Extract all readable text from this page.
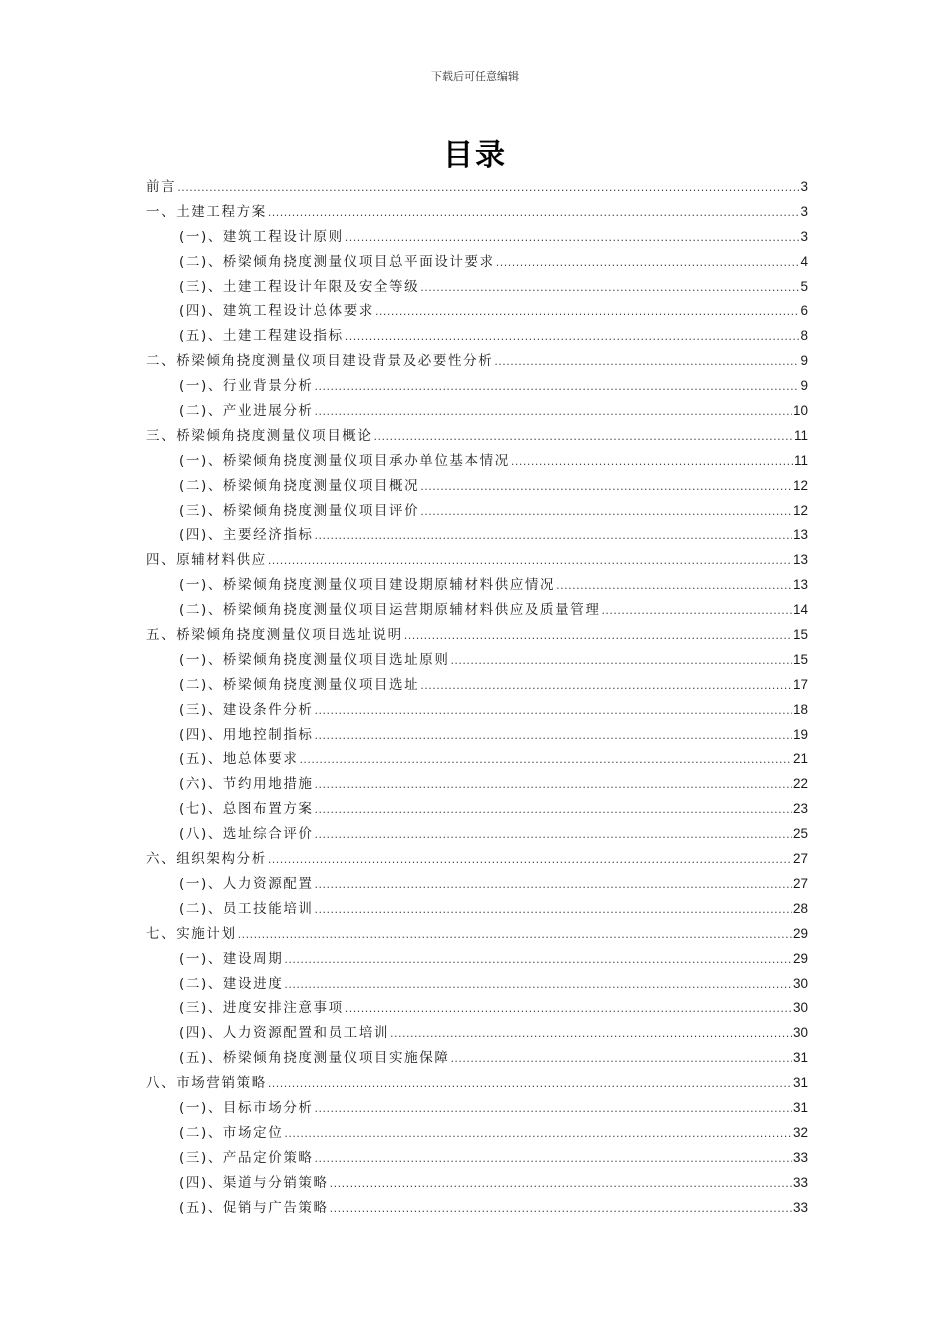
下载后可任意编辑
目录
前言 .....	3
一、土建工程方案 .....	3
(一)、建筑工程设计原则 .....	3
(二)、桥梁倾角挠度测量仪项目总平面设计要求 .....	4
(三)、土建工程设计年限及安全等级 .....	5
(四)、建筑工程设计总体要求 .....	6
(五)、土建工程建设指标 .....	8
二、桥梁倾角挠度测量仪项目建设背景及必要性分析 .....	9
(一)、行业背景分析 .....	9
(二)、产业进展分析 .....	10
三、桥梁倾角挠度测量仪项目概论 .....	11
(一)、桥梁倾角挠度测量仪项目承办单位基本情况 .....	11
(二)、桥梁倾角挠度测量仪项目概况 .....	12
(三)、桥梁倾角挠度测量仪项目评价 .....	12
(四)、主要经济指标 .....	13
四、原辅材料供应 .....	13
(一)、桥梁倾角挠度测量仪项目建设期原辅材料供应情况 .....	13
(二)、桥梁倾角挠度测量仪项目运营期原辅材料供应及质量管理 .....	14
五、桥梁倾角挠度测量仪项目选址说明 .....	15
(一)、桥梁倾角挠度测量仪项目选址原则 .....	15
(二)、桥梁倾角挠度测量仪项目选址 .....	17
(三)、建设条件分析 .....	18
(四)、用地控制指标 .....	19
(五)、地总体要求 .....	21
(六)、节约用地措施 .....	22
(七)、总图布置方案 .....	23
(八)、选址综合评价 .....	25
六、组织架构分析 .....	27
(一)、人力资源配置 .....	27
(二)、员工技能培训 .....	28
七、实施计划 .....	29
(一)、建设周期 .....	29
(二)、建设进度 .....	30
(三)、进度安排注意事项 .....	30
(四)、人力资源配置和员工培训 .....	30
(五)、桥梁倾角挠度测量仪项目实施保障 .....	31
八、市场营销策略 .....	31
(一)、目标市场分析 .....	31
(二)、市场定位 .....	32
(三)、产品定价策略 .....	33
(四)、渠道与分销策略 .....	33
(五)、促销与广告策略 .....	33
